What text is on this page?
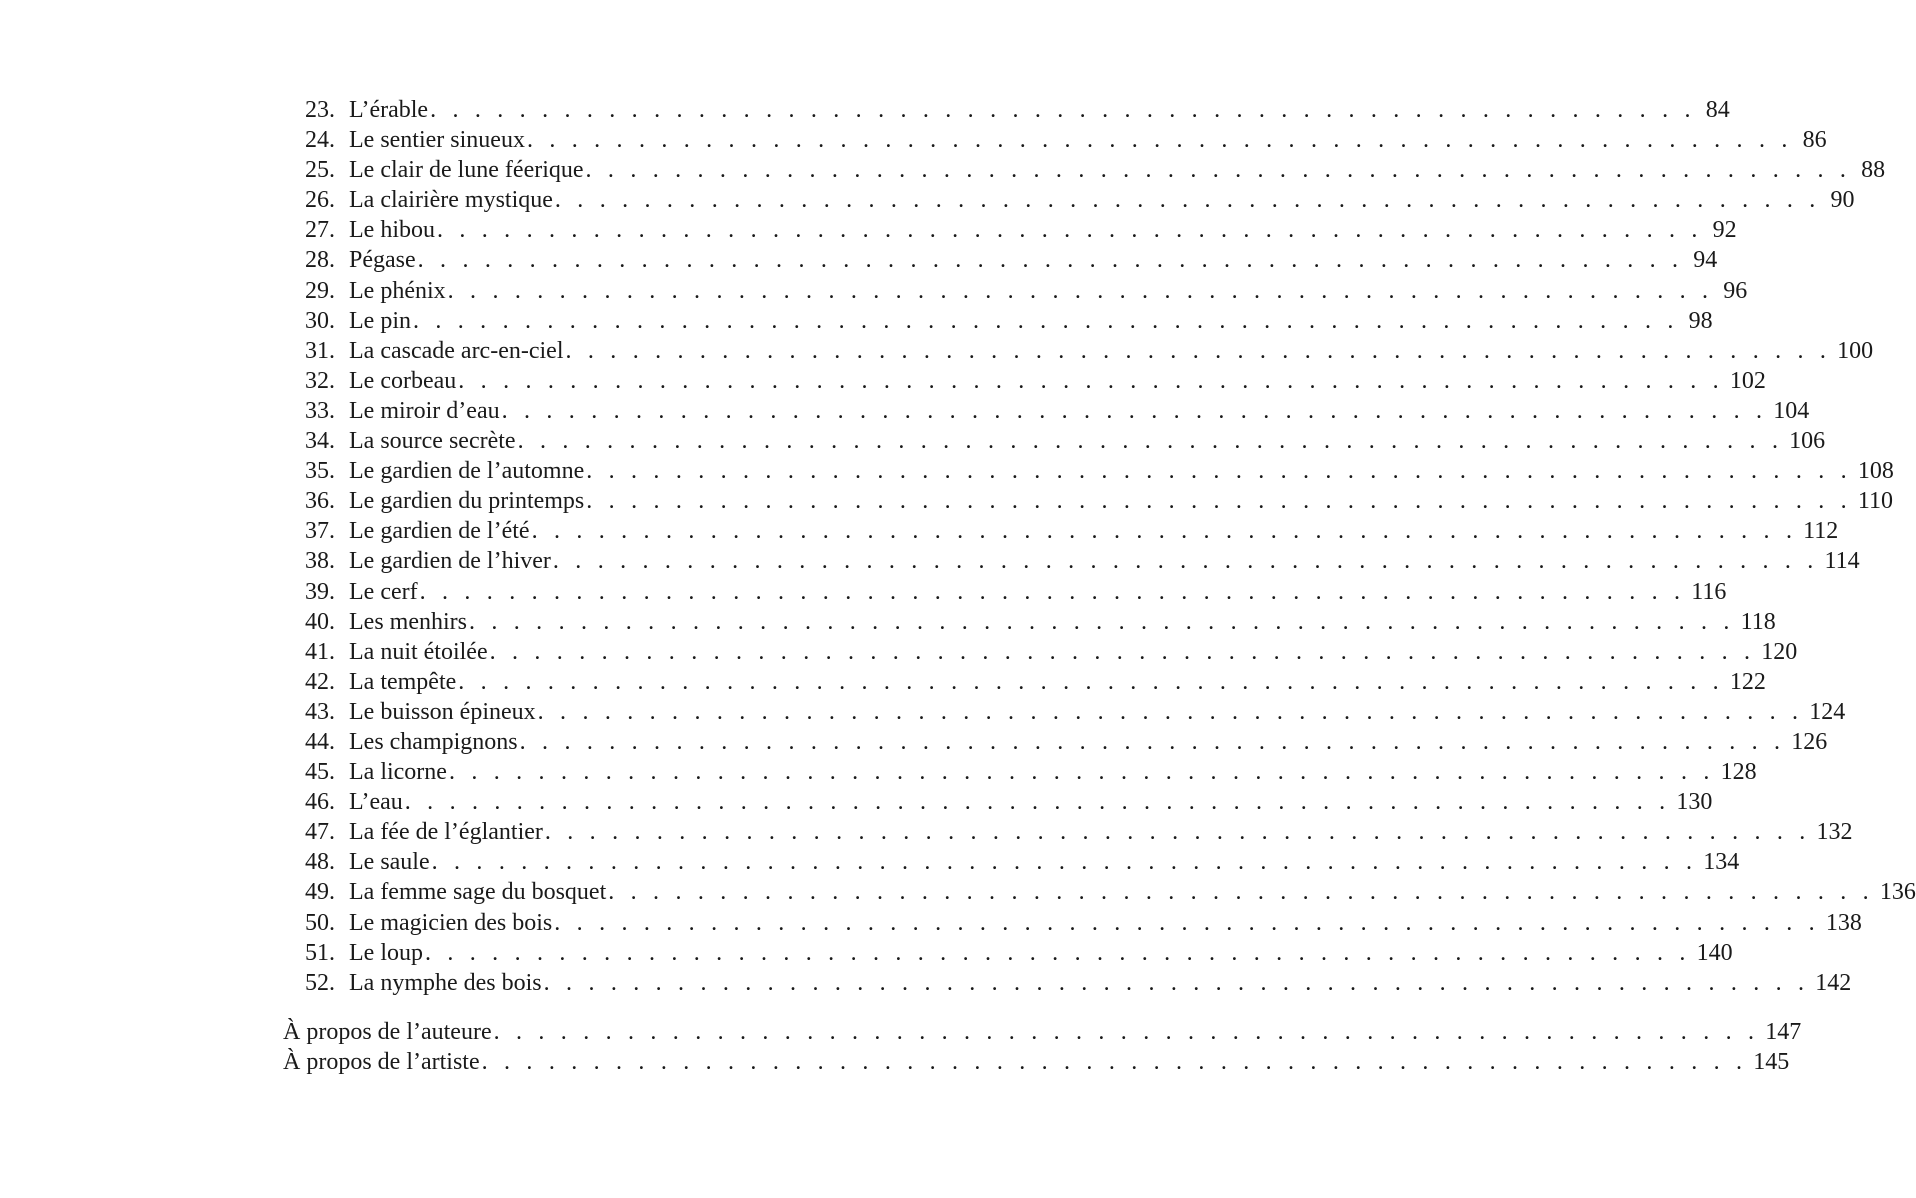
23. L’érable . . . . . . . . . . . . . . . . . . . . . . . . . . . . . . . . . . . . . . . . . . . . . . . . . . . . . . . . . 84
24. Le sentier sinueux . . . . . . . . . . . . . . . . . . . . . . . . . . . . . . . . . . . . . . . . . . . . . . . . . . . . . . . . . 86
25. Le clair de lune féerique . . . . . . . . . . . . . . . . . . . . . . . . . . . . . . . . . . . . . . . . . . . . . . . . . . . . . . . . . 88
26. La clairière mystique . . . . . . . . . . . . . . . . . . . . . . . . . . . . . . . . . . . . . . . . . . . . . . . . . . . . . . . . . 90
27. Le hibou . . . . . . . . . . . . . . . . . . . . . . . . . . . . . . . . . . . . . . . . . . . . . . . . . . . . . . . . . 92
28. Pégase . . . . . . . . . . . . . . . . . . . . . . . . . . . . . . . . . . . . . . . . . . . . . . . . . . . . . . . . . 94
29. Le phénix . . . . . . . . . . . . . . . . . . . . . . . . . . . . . . . . . . . . . . . . . . . . . . . . . . . . . . . . . 96
30. Le pin . . . . . . . . . . . . . . . . . . . . . . . . . . . . . . . . . . . . . . . . . . . . . . . . . . . . . . . . . 98
31. La cascade arc-en-ciel . . . . . . . . . . . . . . . . . . . . . . . . . . . . . . . . . . . . . . . . . . . . . . . . . . . . . . . . . 100
32. Le corbeau . . . . . . . . . . . . . . . . . . . . . . . . . . . . . . . . . . . . . . . . . . . . . . . . . . . . . . . . . 102
33. Le miroir d’eau . . . . . . . . . . . . . . . . . . . . . . . . . . . . . . . . . . . . . . . . . . . . . . . . . . . . . . . . . 104
34. La source secrète . . . . . . . . . . . . . . . . . . . . . . . . . . . . . . . . . . . . . . . . . . . . . . . . . . . . . . . . . 106
35. Le gardien de l’automne . . . . . . . . . . . . . . . . . . . . . . . . . . . . . . . . . . . . . . . . . . . . . . . . . . . . . . . . . 108
36. Le gardien du printemps . . . . . . . . . . . . . . . . . . . . . . . . . . . . . . . . . . . . . . . . . . . . . . . . . . . . . . . . . 110
37. Le gardien de l’été . . . . . . . . . . . . . . . . . . . . . . . . . . . . . . . . . . . . . . . . . . . . . . . . . . . . . . . . . 112
38. Le gardien de l’hiver . . . . . . . . . . . . . . . . . . . . . . . . . . . . . . . . . . . . . . . . . . . . . . . . . . . . . . . . . 114
39. Le cerf . . . . . . . . . . . . . . . . . . . . . . . . . . . . . . . . . . . . . . . . . . . . . . . . . . . . . . . . . 116
40. Les menhirs . . . . . . . . . . . . . . . . . . . . . . . . . . . . . . . . . . . . . . . . . . . . . . . . . . . . . . . . . 118
41. La nuit étoilée . . . . . . . . . . . . . . . . . . . . . . . . . . . . . . . . . . . . . . . . . . . . . . . . . . . . . . . . . 120
42. La tempête . . . . . . . . . . . . . . . . . . . . . . . . . . . . . . . . . . . . . . . . . . . . . . . . . . . . . . . . . 122
43. Le buisson épineux . . . . . . . . . . . . . . . . . . . . . . . . . . . . . . . . . . . . . . . . . . . . . . . . . . . . . . . . . 124
44. Les champignons . . . . . . . . . . . . . . . . . . . . . . . . . . . . . . . . . . . . . . . . . . . . . . . . . . . . . . . . . 126
45. La licorne . . . . . . . . . . . . . . . . . . . . . . . . . . . . . . . . . . . . . . . . . . . . . . . . . . . . . . . . . 128
46. L’eau . . . . . . . . . . . . . . . . . . . . . . . . . . . . . . . . . . . . . . . . . . . . . . . . . . . . . . . . . 130
47. La fée de l’églantier . . . . . . . . . . . . . . . . . . . . . . . . . . . . . . . . . . . . . . . . . . . . . . . . . . . . . . . . . 132
48. Le saule . . . . . . . . . . . . . . . . . . . . . . . . . . . . . . . . . . . . . . . . . . . . . . . . . . . . . . . . . 134
49. La femme sage du bosquet . . . . . . . . . . . . . . . . . . . . . . . . . . . . . . . . . . . . . . . . . . . . . . . . . . . . . . . . . 136
50. Le magicien des bois . . . . . . . . . . . . . . . . . . . . . . . . . . . . . . . . . . . . . . . . . . . . . . . . . . . . . . . . . 138
51. Le loup . . . . . . . . . . . . . . . . . . . . . . . . . . . . . . . . . . . . . . . . . . . . . . . . . . . . . . . . . 140
52. La nymphe des bois . . . . . . . . . . . . . . . . . . . . . . . . . . . . . . . . . . . . . . . . . . . . . . . . . . . . . . . . . 142
À propos de l’auteure . . . . . . . . . . . . . . . . . . . . . . . . . . . . . . . . . . . . . . . . . . . . . . . . . . . . . . . . . 147
À propos de l’artiste . . . . . . . . . . . . . . . . . . . . . . . . . . . . . . . . . . . . . . . . . . . . . . . . . . . . . . . . . 145
